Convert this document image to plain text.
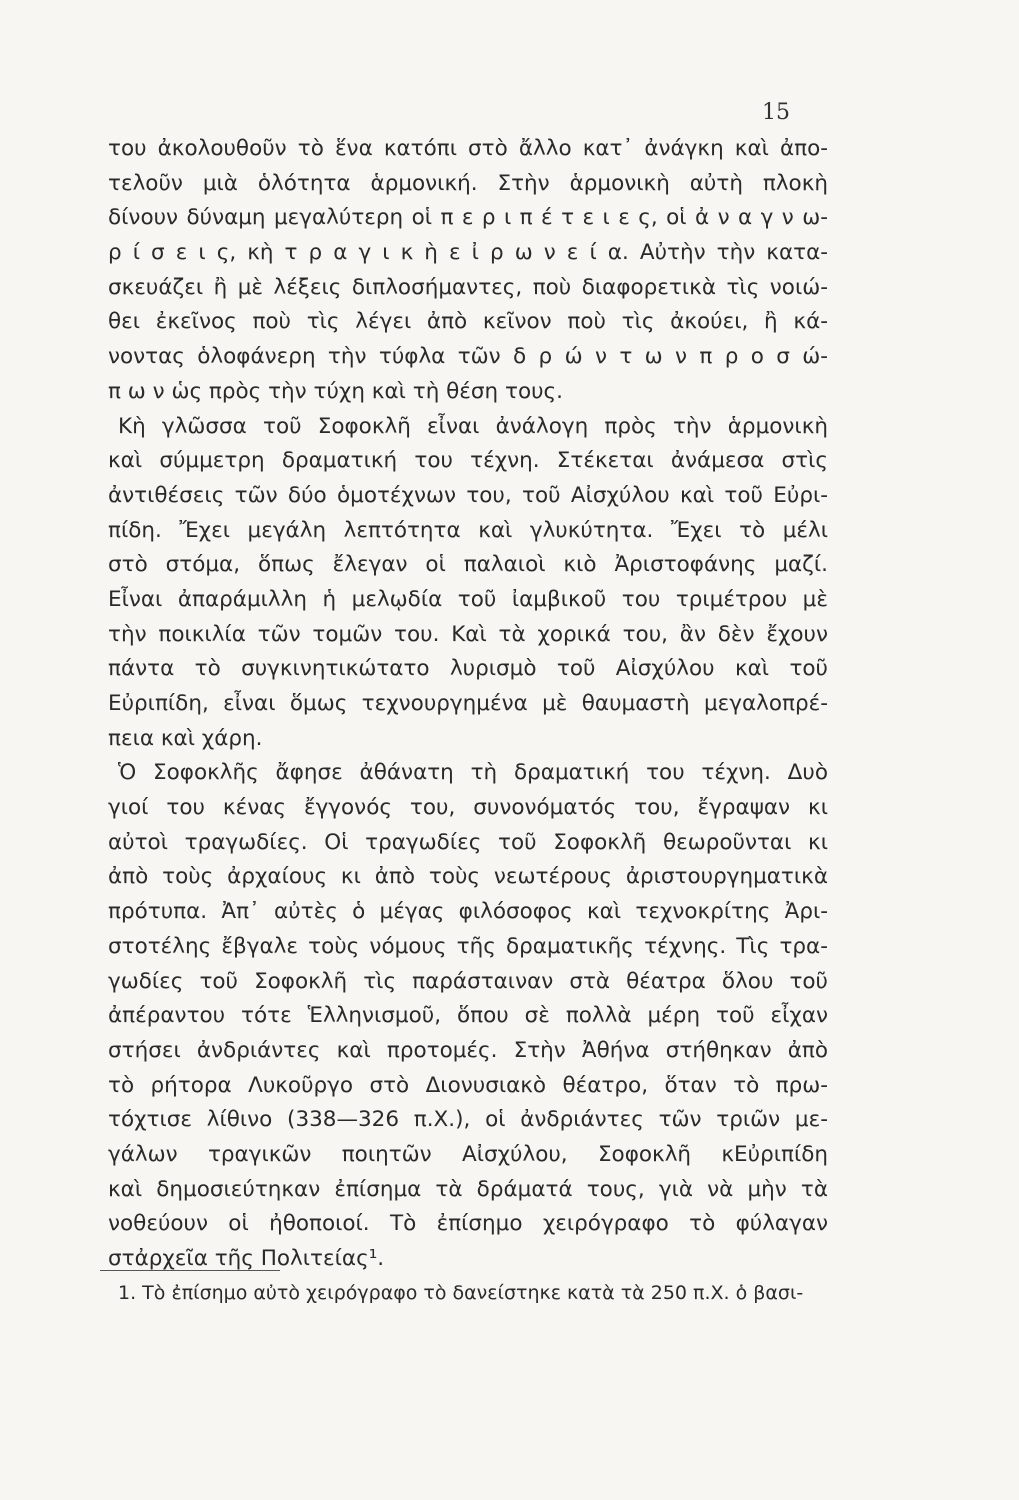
15
του ἀκολουθοῦν τὸ ἕνα κατόπι στὸ ἄλλο κατ᾽ ἀνάγκη καὶ ἀπο-
τελοῦν μιὰ ὁλότητα ἁρμονική. Στὴν ἁρμονικὴ αὐτὴ πλοκὴ
δίνουν δύναμη μεγαλύτερη οἱ π ε ρ ι π έ τ ε ι ε ς, οἱ ἀ ν α γ ν ω-
ρ ί σ ε ι ς, κὴ τ ρ α γ ι κ ὴ ε ἰ ρ ω ν ε ί α. Αὐτὴν τὴν κατα-
σκευάζει ἢ μὲ λέξεις διπλοσήμαντες, ποὺ διαφορετικὰ τὶς νοιώ-
θει ἐκεῖνος ποὺ τὶς λέγει ἀπὸ κεῖνον ποὺ τὶς ἀκούει, ἢ κά-
νοντας ὁλοφάνερη τὴν τύφλα τῶν δ ρ ώ ν τ ω ν π ρ ο σ ώ-
π ω ν ὡς πρὸς τὴν τύχη καὶ τὴ θέση τους.
Κὴ γλῶσσα τοῦ Σοφοκλῆ εἶναι ἀνάλογη πρὸς τὴν ἁρμονικὴ
καὶ σύμμετρη δραματική του τέχνη. Στέκεται ἀνάμεσα στὶς
ἀντιθέσεις τῶν δύο ὁμοτέχνων του, τοῦ Αἰσχύλου καὶ τοῦ Εὐρι-
πίδη. Ἔχει μεγάλη λεπτότητα καὶ γλυκύτητα. Ἔχει τὸ μέλι
στὸ στόμα, ὅπως ἔλεγαν οἱ παλαιοὶ κιὸ Ἀριστοφάνης μαζί.
Εἶναι ἀπαράμιλλη ἡ μελῳδία τοῦ ἰαμβικοῦ του τριμέτρου μὲ
τὴν ποικιλία τῶν τομῶν του. Καὶ τὰ χορικά του, ἂν δὲν ἔχουν
πάντα τὸ συγκινητικώτατο λυρισμὸ τοῦ Αἰσχύλου καὶ τοῦ
Εὐριπίδη, εἶναι ὅμως τεχνουργημένα μὲ θαυμαστὴ μεγαλοπρέ-
πεια καὶ χάρη.
Ὁ Σοφοκλῆς ἄφησε ἀθάνατη τὴ δραματική του τέχνη. Δυὸ
γιοί του κένας ἔγγονός του, συνονόματός του, ἔγραψαν κι
αὐτοὶ τραγωδίες. Οἱ τραγωδίες τοῦ Σοφοκλῆ θεωροῦνται κι
ἀπὸ τοὺς ἀρχαίους κι ἀπὸ τοὺς νεωτέρους ἀριστουργηματικὰ
πρότυπα. Ἀπ᾽ αὐτὲς ὁ μέγας φιλόσοφος καὶ τεχνοκρίτης Ἀρι-
στοτέλης ἔβγαλε τοὺς νόμους τῆς δραματικῆς τέχνης. Τὶς τρα-
γωδίες τοῦ Σοφοκλῆ τὶς παράσταιναν στὰ θέατρα ὅλου τοῦ
ἀπέραντου τότε Ἑλληνισμοῦ, ὅπου σὲ πολλὰ μέρη τοῦ εἶχαν
στήσει ἀνδριάντες καὶ προτομές. Στὴν Ἀθήνα στήθηκαν ἀπὸ
τὸ ρήτορα Λυκοῦργο στὸ Διονυσιακὸ θέατρο, ὅταν τὸ πρω-
τόχτισε λίθινο (338—326 π.Χ.), οἱ ἀνδριάντες τῶν τριῶν με-
γάλων τραγικῶν ποιητῶν Αἰσχύλου, Σοφοκλῆ κΕὐριπίδη
καὶ δημοσιεύτηκαν ἐπίσημα τὰ δράματά τους, γιὰ νὰ μὴν τὰ
νοθεύουν οἱ ἠθοποιοί. Τὸ ἐπίσημο χειρόγραφο τὸ φύλαγαν
στἀρχεῖα τῆς Πολιτείας¹.
1. Τὸ ἐπίσημο αὐτὸ χειρόγραφο τὸ δανείστηκε κατὰ τὰ 250 π.Χ. ὁ βασι-
